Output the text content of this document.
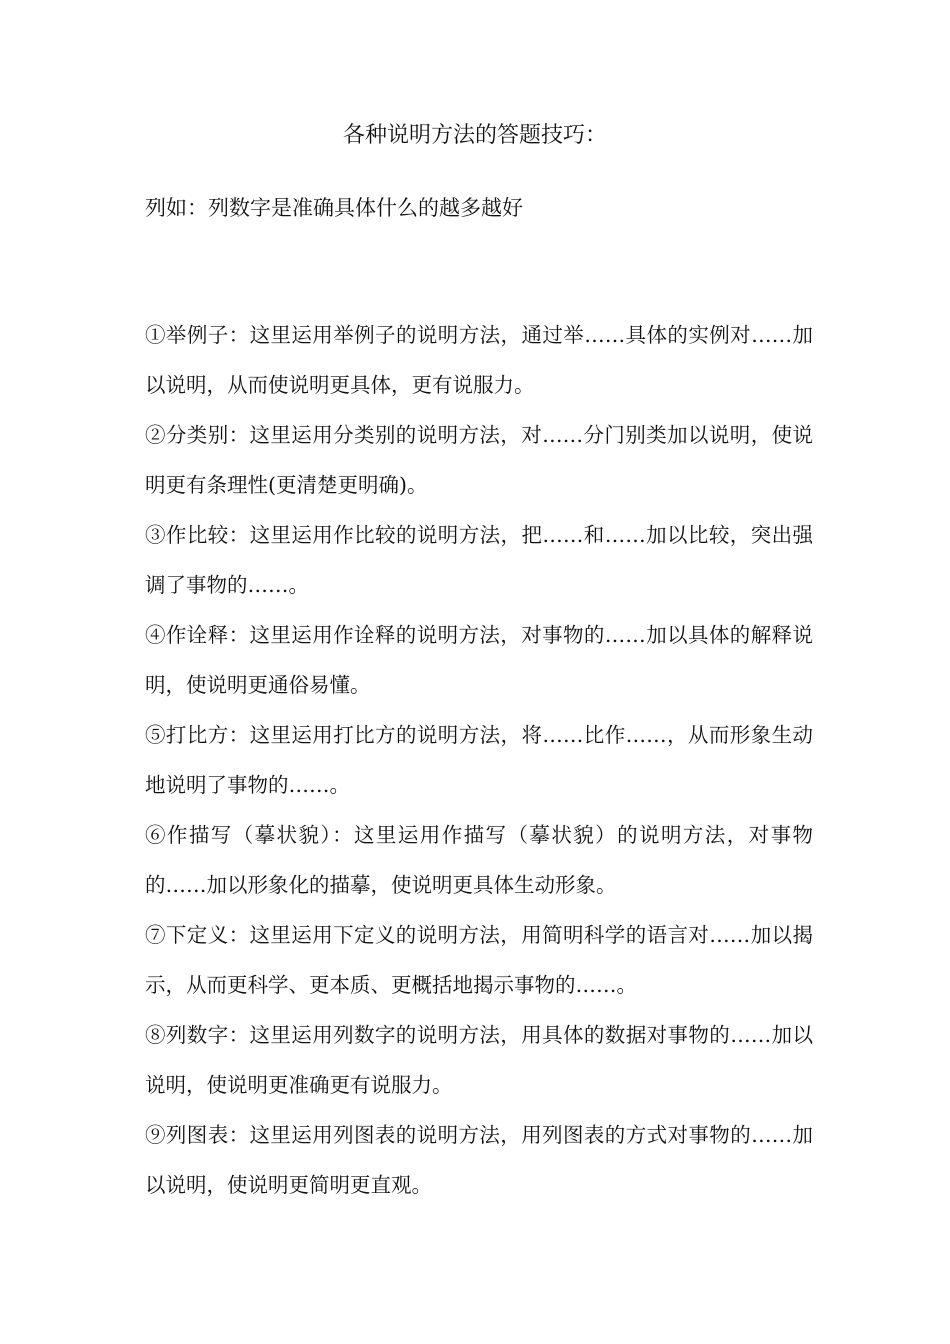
各种说明方法的答题技巧：

列如：列数字是准确具体什么的越多越好

①举例子：这里运用举例子的说明方法，通过举……具体的实例对……加以说明，从而使说明更具体，更有说服力。
②分类别：这里运用分类别的说明方法，对……分门别类加以说明，使说明更有条理性(更清楚更明确)。
③作比较：这里运用作比较的说明方法，把……和……加以比较，突出强调了事物的……。
④作诠释：这里运用作诠释的说明方法，对事物的……加以具体的解释说明，使说明更通俗易懂。
⑤打比方：这里运用打比方的说明方法，将……比作……，从而形象生动地说明了事物的……。
⑥作描写（摹状貌）：这里运用作描写（摹状貌）的说明方法，对事物的……加以形象化的描摹，使说明更具体生动形象。
⑦下定义：这里运用下定义的说明方法，用简明科学的语言对……加以揭示，从而更科学、更本质、更概括地揭示事物的……。
⑧列数字：这里运用列数字的说明方法，用具体的数据对事物的……加以说明，使说明更准确更有说服力。
⑨列图表：这里运用列图表的说明方法，用列图表的方式对事物的……加以说明，使说明更简明更直观。
